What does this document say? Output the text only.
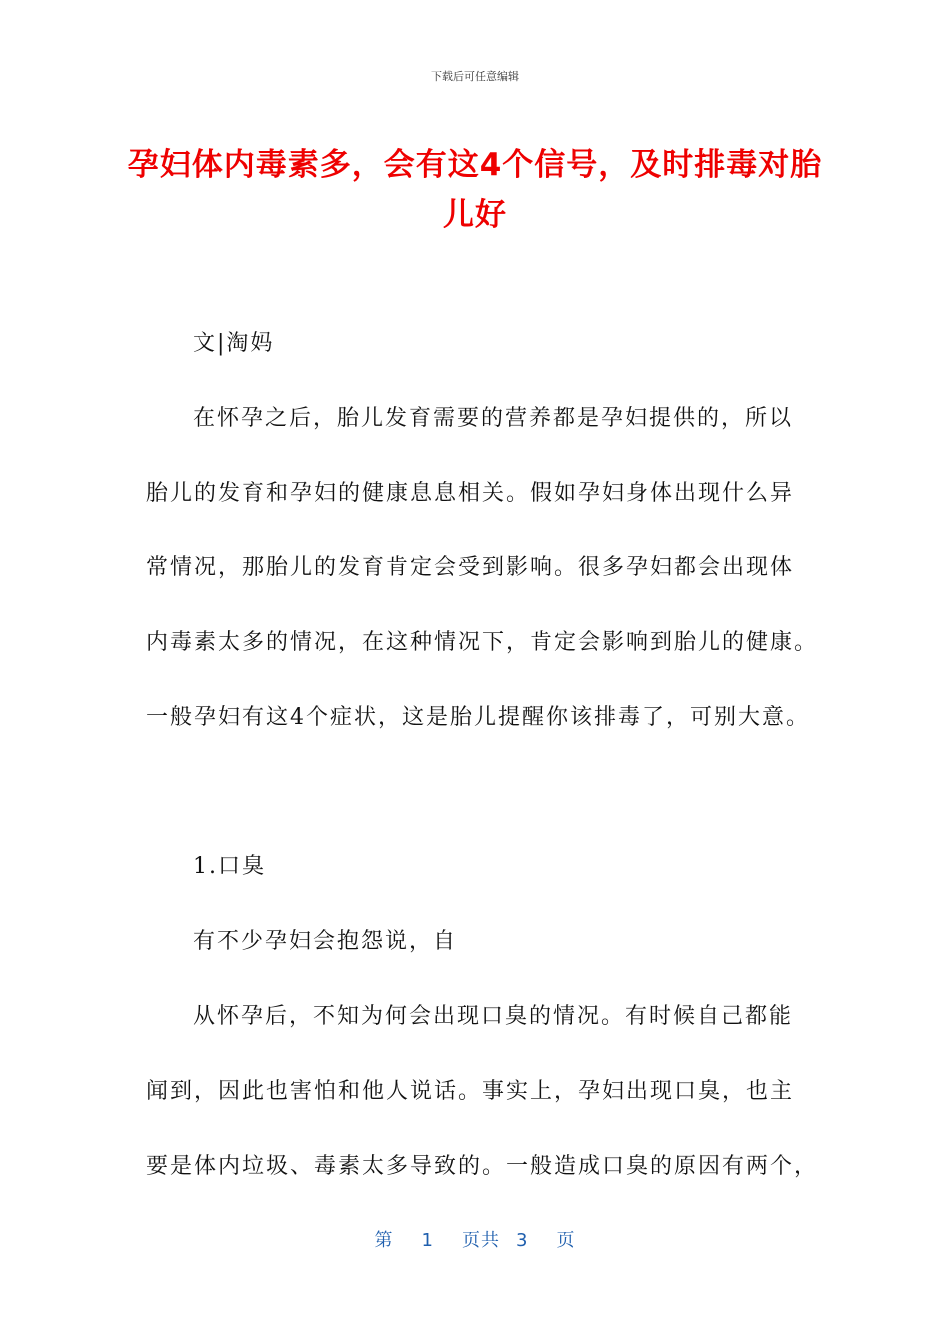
下载后可任意编辑
孕妇体内毒素多，会有这4个信号，及时排毒对胎儿好
文|淘妈
在怀孕之后，胎儿发育需要的营养都是孕妇提供的，所以
胎儿的发育和孕妇的健康息息相关。假如孕妇身体出现什么异
常情况，那胎儿的发育肯定会受到影响。很多孕妇都会出现体
内毒素太多的情况，在这种情况下，肯定会影响到胎儿的健康。
一般孕妇有这4个症状，这是胎儿提醒你该排毒了，可别大意。
1.口臭
有不少孕妇会抱怨说，自
从怀孕后，不知为何会出现口臭的情况。有时候自己都能
闻到，因此也害怕和他人说话。事实上，孕妇出现口臭，也主
要是体内垃圾、毒素太多导致的。一般造成口臭的原因有两个，
第 1 页共 3 页
